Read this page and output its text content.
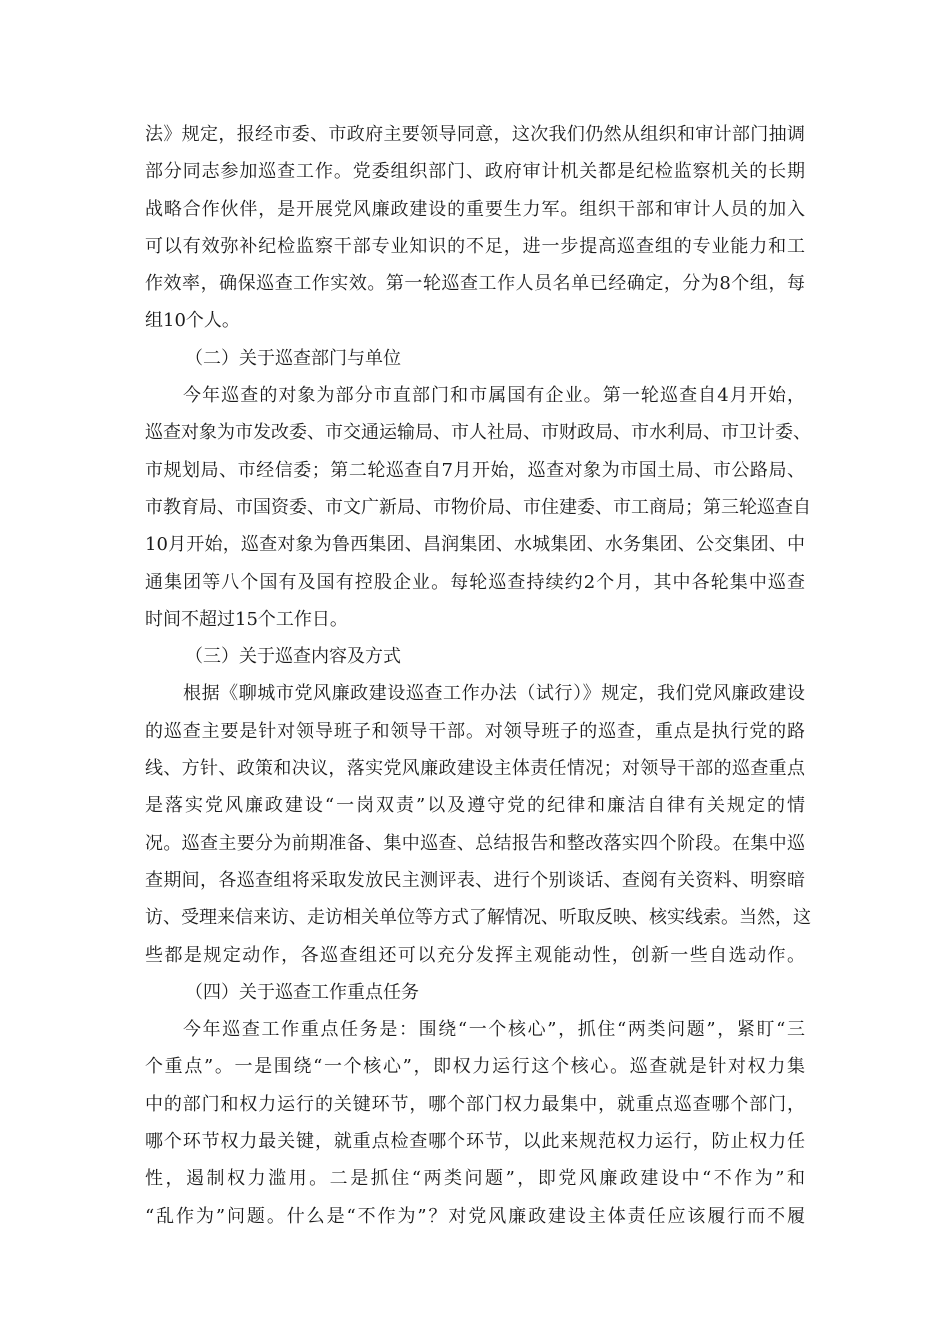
法》规定，报经市委、市政府主要领导同意，这次我们仍然从组织和审计部门抽调
部分同志参加巡查工作。党委组织部门、政府审计机关都是纪检监察机关的长期
战略合作伙伴，是开展党风廉政建设的重要生力军。组织干部和审计人员的加入
可以有效弥补纪检监察干部专业知识的不足，进一步提高巡查组的专业能力和工
作效率，确保巡查工作实效。第一轮巡查工作人员名单已经确定，分为8个组，每
组10个人。
（二）关于巡查部门与单位
今年巡查的对象为部分市直部门和市属国有企业。第一轮巡查自4月开始，
巡查对象为市发改委、市交通运输局、市人社局、市财政局、市水利局、市卫计委、
市规划局、市经信委；第二轮巡查自7月开始，巡查对象为市国土局、市公路局、
市教育局、市国资委、市文广新局、市物价局、市住建委、市工商局；第三轮巡查自
10月开始，巡查对象为鲁西集团、昌润集团、水城集团、水务集团、公交集团、中
通集团等八个国有及国有控股企业。每轮巡查持续约2个月，其中各轮集中巡查
时间不超过15个工作日。
（三）关于巡查内容及方式
根据《聊城市党风廉政建设巡查工作办法（试行）》规定，我们党风廉政建设
的巡查主要是针对领导班子和领导干部。对领导班子的巡查，重点是执行党的路
线、方针、政策和决议，落实党风廉政建设主体责任情况；对领导干部的巡查重点
是落实党风廉政建设“一岗双责”以及遵守党的纪律和廉洁自律有关规定的情
况。巡查主要分为前期准备、集中巡查、总结报告和整改落实四个阶段。在集中巡
查期间，各巡查组将采取发放民主测评表、进行个别谈话、查阅有关资料、明察暗
访、受理来信来访、走访相关单位等方式了解情况、听取反映、核实线索。当然，这
些都是规定动作，各巡查组还可以充分发挥主观能动性，创新一些自选动作。
（四）关于巡查工作重点任务
今年巡查工作重点任务是：围绕“一个核心”，抓住“两类问题”，紧盯“三
个重点”。一是围绕“一个核心”，即权力运行这个核心。巡查就是针对权力集
中的部门和权力运行的关键环节，哪个部门权力最集中，就重点巡查哪个部门，
哪个环节权力最关键，就重点检查哪个环节，以此来规范权力运行，防止权力任
性，遏制权力滥用。二是抓住“两类问题”，即党风廉政建设中“不作为”和
“乱作为”问题。什么是“不作为”？对党风廉政建设主体责任应该履行而不履
